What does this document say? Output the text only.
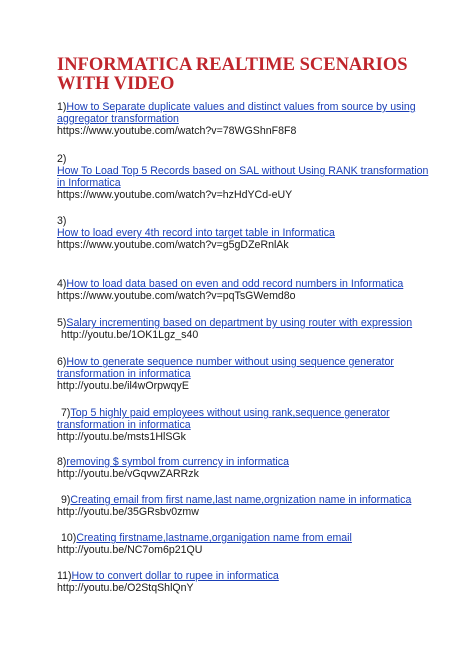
INFORMATICA REALTIME SCENARIOS WITH VIDEO
1)How to Separate duplicate values and distinct values from source by using aggregator transformation
https://www.youtube.com/watch?v=78WGShnF8F8
2)
How To Load Top 5 Records based on SAL without Using RANK transformation in Informatica
https://www.youtube.com/watch?v=hzHdYCd-eUY
3)
How to load every 4th record into target table in Informatica
https://www.youtube.com/watch?v=g5gDZeRnlAk
4)How to load data based on even and odd record numbers in Informatica
https://www.youtube.com/watch?v=pqTsGWemd8o
5)Salary incrementing based on department by using router with expression
http://youtu.be/1OK1Lgz_s40
6)How to generate sequence number without using sequence generator transformation in informatica
http://youtu.be/il4wOrpwqyE
7)Top 5 highly paid employees without using rank,sequence generator transformation in informatica
http://youtu.be/msts1HlSGk
8)removing $ symbol from currency in informatica
http://youtu.be/vGqvwZARRzk
9)Creating email from first name,last name,orgnization name in informatica
http://youtu.be/35GRsbv0zmw
10)Creating firstname,lastname,organigation name from email
http://youtu.be/NC7om6p21QU
11)How to convert dollar to rupee in informatica
http://youtu.be/O2StqShlQnY
